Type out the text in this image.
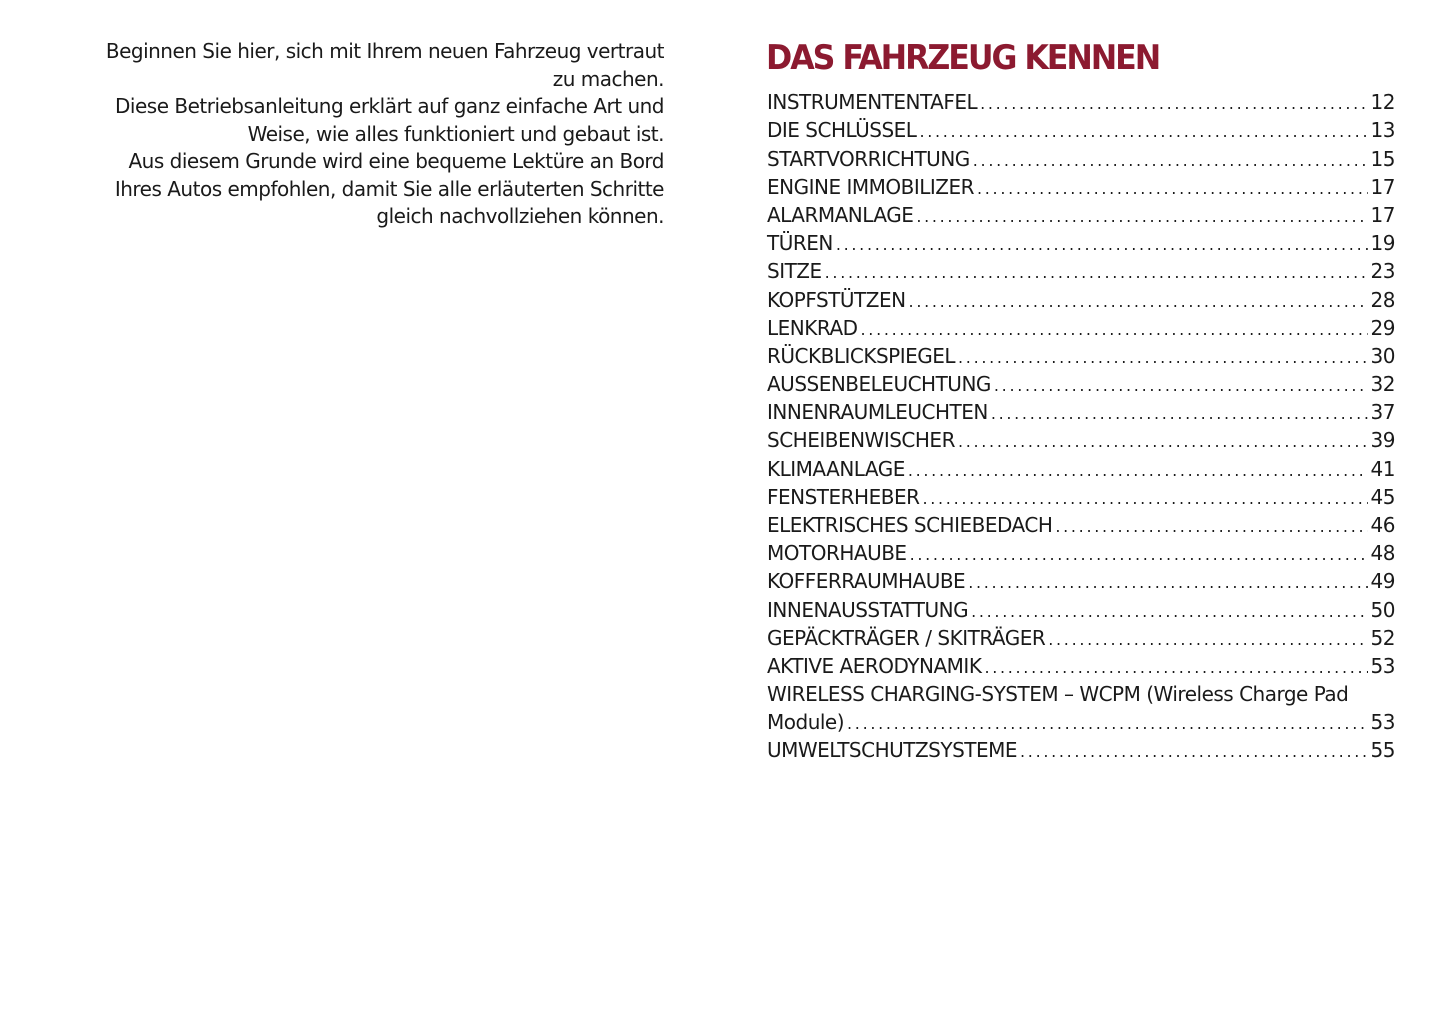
Beginnen Sie hier, sich mit Ihrem neuen Fahrzeug vertraut zu machen.

Diese Betriebsanleitung erklärt auf ganz einfache Art und Weise, wie alles funktioniert und gebaut ist.

Aus diesem Grunde wird eine bequeme Lektüre an Bord Ihres Autos empfohlen, damit Sie alle erläuterten Schritte gleich nachvollziehen können.

DAS FAHRZEUG KENNEN
INSTRUMENTENTAFEL . . .	12
DIE SCHLÜSSEL . . .	13
STARTVORRICHTUNG . . .	15
ENGINE IMMOBILIZER . . .	17
ALARMANLAGE . . .	17
TÜREN . . .	19
SITZE . . .	23
KOPFSTÜTZEN . . .	28
LENKRAD . . .	29
RÜCKBLICKSPIEGEL . . .	30
AUSSENBELEUCHTUNG . . .	32
INNENRAUMLEUCHTEN . . .	37
SCHEIBENWISCHER . . .	39
KLIMAANLAGE . . .	41
FENSTERHEBER . . .	45
ELEKTRISCHES SCHIEBEDACH . . .	46
MOTORHAUBE . . .	48
KOFFERRAUMHAUBE . . .	49
INNENAUSSTATTUNG . . .	50
GEPÄCKTRÄGER / SKITRÄGER . . .	52
AKTIVE AERODYNAMIK . . .	53
WIRELESS CHARGING-SYSTEM – WCPM (Wireless Charge Pad
Module) . . .	53
UMWELTSCHUTZSYSTEME . . .	55
